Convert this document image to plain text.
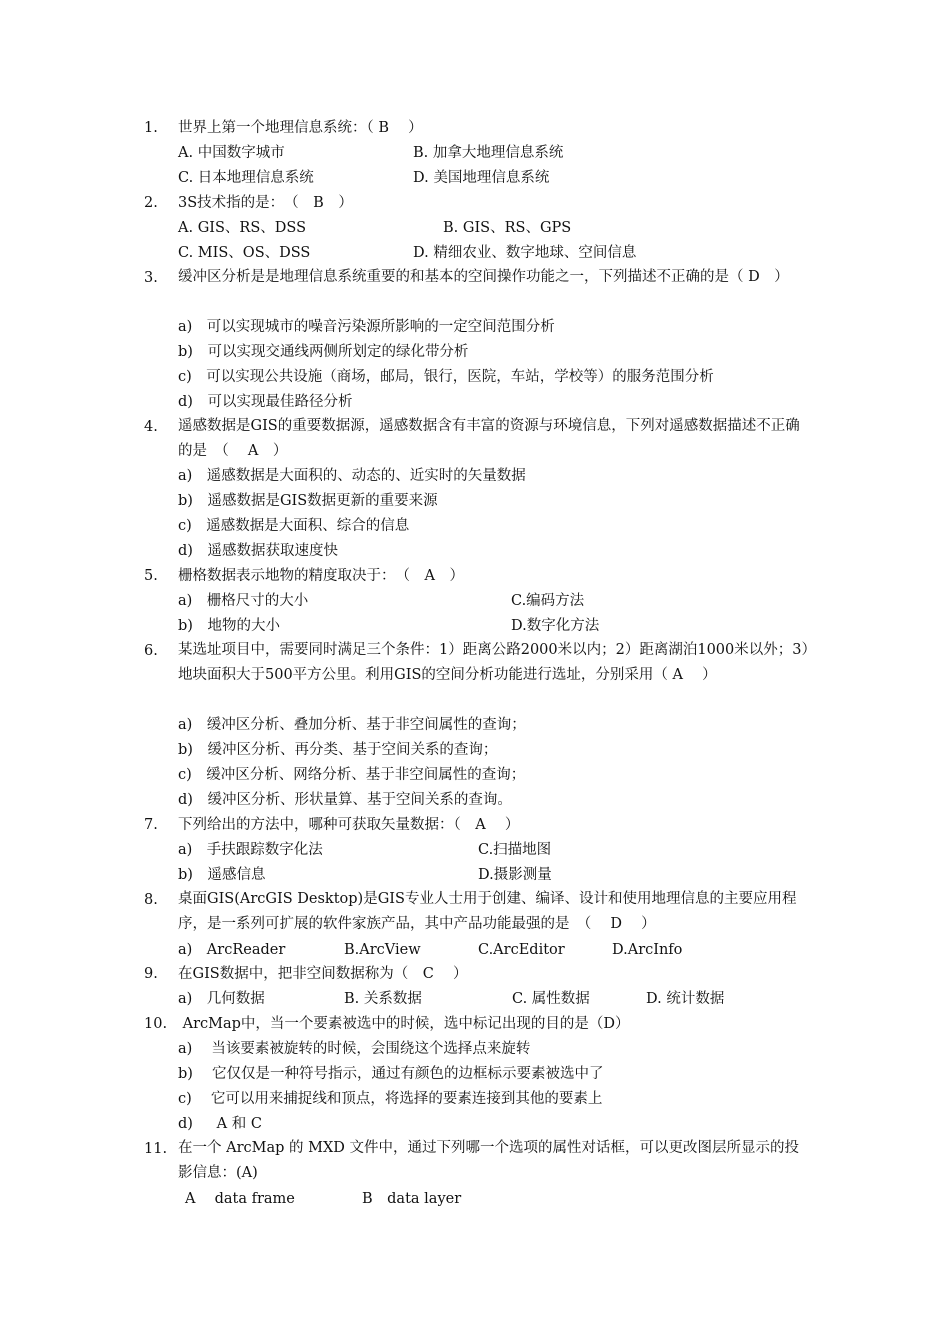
1. 世界上第一个地理信息系统：（ B　 ）
A. 中国数字城市	B. 加拿大地理信息系统
C. 日本地理信息系统	D. 美国地理信息系统
2. 3S技术指的是：　（　B　）
A. GIS、RS、DSS	B. GIS、RS、GPS
C. MIS、OS、DSS	D. 精细农业、数字地球、空间信息
3. 缓冲区分析是是地理信息系统重要的和基本的空间操作功能之一，下列描述不正确的是（ D　）
a)　可以实现城市的噪音污染源所影响的一定空间范围分析
b)　可以实现交通线两侧所划定的绿化带分析
c)　可以实现公共设施（商场，邮局，银行，医院，车站，学校等）的服务范围分析
d)　可以实现最佳路径分析
4. 遥感数据是GIS的重要数据源，遥感数据含有丰富的资源与环境信息，下列对遥感数据描述不正确的是　（　 A　）
a)　遥感数据是大面积的、动态的、近实时的矢量数据
b)　遥感数据是GIS数据更新的重要来源
c)　遥感数据是大面积、综合的信息
d)　遥感数据获取速度快
5. 栅格数据表示地物的精度取决于：　（　A　）
a)　栅格尺寸的大小	C.编码方法
b)　地物的大小	D.数字化方法
6. 某选址项目中，需要同时满足三个条件：1）距离公路2000米以内；2）距离湖泊1000米以外；3）地块面积大于500平方公里。利用GIS的空间分析功能进行选址，分别采用（ A　 ）
a)　缓冲区分析、叠加分析、基于非空间属性的查询；
b)　缓冲区分析、再分类、基于空间关系的查询；
c)　缓冲区分析、网络分析、基于非空间属性的查询；
d)　缓冲区分析、形状量算、基于空间关系的查询。
7. 下列给出的方法中，哪种可获取矢量数据：（　A　 ）
a)　手扶跟踪数字化法	C.扫描地图
b)　遥感信息	D.摄影测量
8. 桌面GIS(ArcGIS Desktop)是GIS专业人士用于创建、编译、设计和使用地理信息的主要应用程序，是一系列可扩展的软件家族产品，其中产品功能最强的是　（　 D　 ）
a)　ArcReader	B.ArcView	C.ArcEditor	D.ArcInfo
9. 在GIS数据中，把非空间数据称为（　C　 ）
a)　几何数据	B. 关系数据	C. 属性数据	D. 统计数据
10. ArcMap中，当一个要素被选中的时候，选中标记出现的目的是（D）
a)　 当该要素被旋转的时候，会围绕这个选择点来旋转
b)　 它仅仅是一种符号指示，通过有颜色的边框标示要素被选中了
c)　 它可以用来捕捉线和顶点，将选择的要素连接到其他的要素上
d)　  A 和 C
11. 在一个 ArcMap 的 MXD 文件中，通过下列哪一个选项的属性对话框，可以更改图层所显示的投影信息：(A)
A　 data frame	B　data layer
